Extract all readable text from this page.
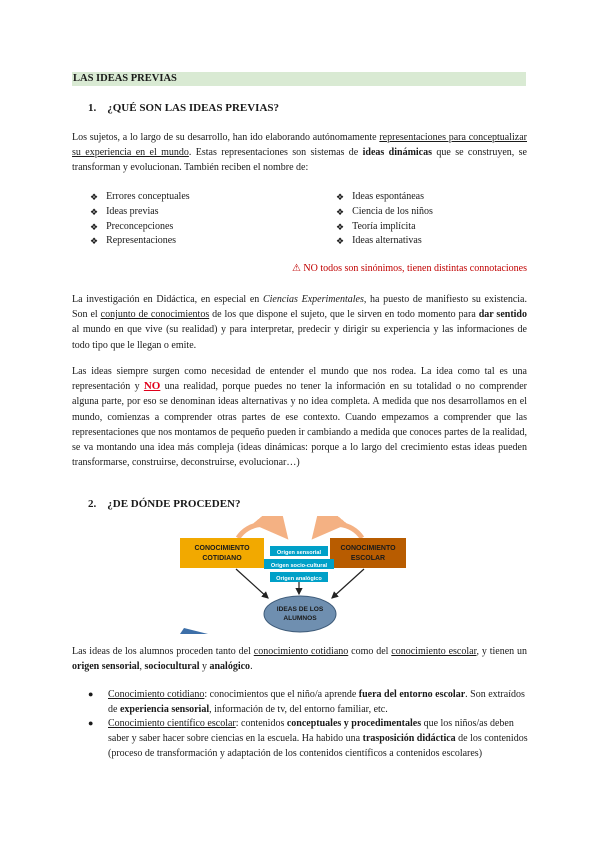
LAS IDEAS PREVIAS
1. ¿QUÉ SON LAS IDEAS PREVIAS?
Los sujetos, a lo largo de su desarrollo, han ido elaborando autónomamente representaciones para conceptualizar su experiencia en el mundo. Estas representaciones son sistemas de ideas dinámicas que se construyen, se transforman y evolucionan. También reciben el nombre de:
❖ Errores conceptuales
❖ Ideas previas
❖ Preconcepciones
❖ Representaciones
❖ Ideas espontáneas
❖ Ciencia de los niños
❖ Teoría implícita
❖ Ideas alternativas
⚠ NO todos son sinónimos, tienen distintas connotaciones
La investigación en Didáctica, en especial en Ciencias Experimentales, ha puesto de manifiesto su existencia. Son el conjunto de conocimientos de los que dispone el sujeto, que le sirven en todo momento para dar sentido al mundo en que vive (su realidad) y para interpretar, predecir y dirigir su experiencia y las informaciones de todo tipo que le llegan o emite.
Las ideas siempre surgen como necesidad de entender el mundo que nos rodea. La idea como tal es una representación y NO una realidad, porque puedes no tener la información en su totalidad o no comprender alguna parte, por eso se denominan ideas alternativas y no idea completa. A medida que nos desarrollamos en el mundo, comienzas a comprender otras partes de ese contexto. Cuando empezamos a comprender que las representaciones que nos montamos de pequeño pueden ir cambiando a medida que conoces partes de la realidad, se va montando una idea más compleja (ideas dinámicas: porque a lo largo del crecimiento estas ideas pueden transformarse, construirse, deconstruirse, evolucionar…)
2. ¿DE DÓNDE PROCEDEN?
CONOCIMIENTO
COTIDIANO
CONOCIMIENTO
ESCOLAR
Origen sensorial
Origen socio-cultural
Origen analógico
IDEAS DE LOS
ALUMNOS
Las ideas de los alumnos proceden tanto del conocimiento cotidiano como del conocimiento escolar, y tienen un origen sensorial, sociocultural y analógico.
● Conocimiento cotidiano: conocimientos que el niño/a aprende fuera del entorno escolar. Son extraídos de experiencia sensorial, información de tv, del entorno familiar, etc.
● Conocimiento científico escolar: contenidos conceptuales y procedimentales que los niños/as deben saber y saber hacer sobre ciencias en la escuela. Ha habido una trasposición didáctica de los contenidos (proceso de transformación y adaptación de los contenidos científicos a contenidos escolares)
